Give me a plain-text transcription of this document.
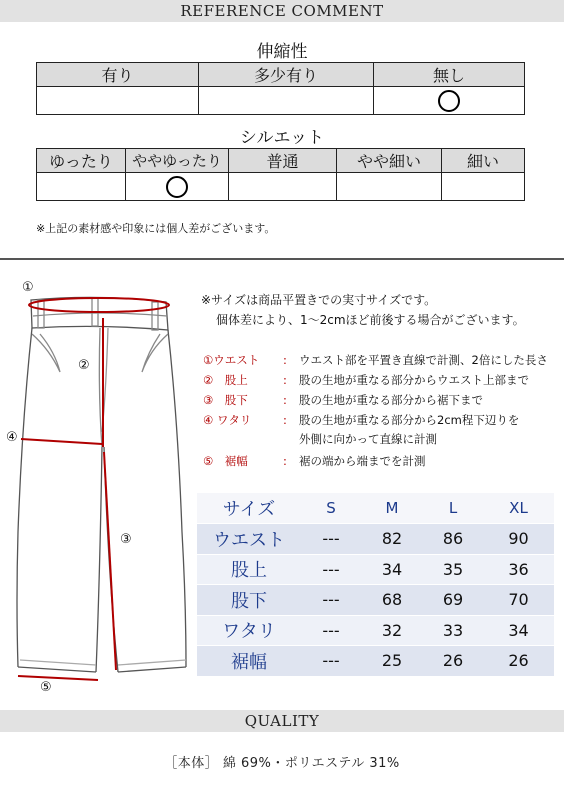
REFERENCE COMMENT
伸縮性
有り	多少有り	無し

シルエット
ゆったり	ややゆったり	普通	やや細い	細い

※上記の素材感や印象には個人差がございます。
①
②
③
④
⑤
※サイズは商品平置きでの実寸サイズです。
個体差により、1～2cmほど前後する場合がございます。
①ウエスト : ウエスト部を平置き直線で計測、2倍にした長さ
②　股上	: 股の生地が重なる部分からウエスト上部まで
③　股下	: 股の生地が重なる部分から裾下まで
④ ワタリ	: 股の生地が重なる部分から2cm程下辺りを
外側に向かって直線に計測
⑤　裾幅	: 裾の端から端までを計測
サイズ	S	M	L	XL
ウエスト	---	82	86	90
股上	---	34	35	36
股下	---	68	69	70
ワタリ	---	32	33	34
裾幅	---	25	26	26
QUALITY
［本体］ 綿 69%・ポリエステル 31%
